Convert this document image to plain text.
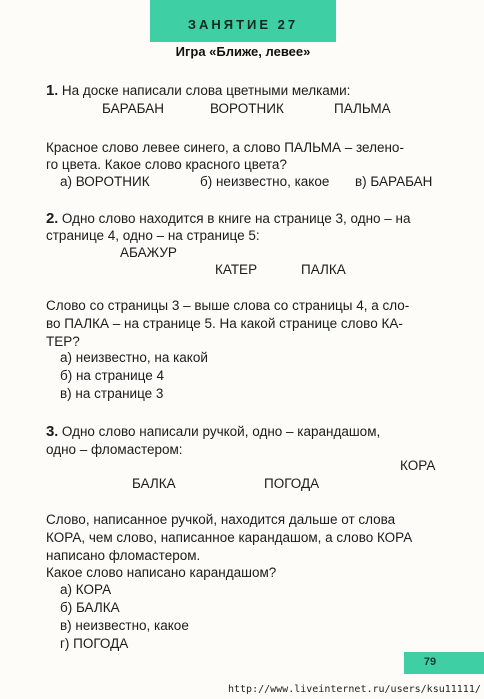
ЗАНЯТИЕ 27
Игра «Ближе, левее»
1. На доске написали слова цветными мелками:
БАРАБАН	ВОРОТНИК	ПАЛЬМА
Красное слово левее синего, а слово ПАЛЬМА – зелено-
го цвета. Какое слово красного цвета?
а) ВОРОТНИК	б) неизвестно, какое в) БАРАБАН
2. Одно слово находится в книге на странице 3, одно – на
странице 4, одно – на странице 5:
АБАЖУР
КАТЕР	ПАЛКА
Слово со страницы 3 – выше слова со страницы 4, а сло-
во ПАЛКА – на странице 5. На какой странице слово КА-
ТЕР?
а) неизвестно, на какой
б) на странице 4
в) на странице 3
3. Одно слово написали ручкой, одно – карандашом,
одно – фломастером:
КОРА
БАЛКА	ПОГОДА
Слово, написанное ручкой, находится дальше от слова
КОРА, чем слово, написанное карандашом, а слово КОРА
написано фломастером.
Какое слово написано карандашом?
а) КОРА
б) БАЛКА
в) неизвестно, какое
г) ПОГОДА
79
http://www.liveinternet.ru/users/ksu11111/
